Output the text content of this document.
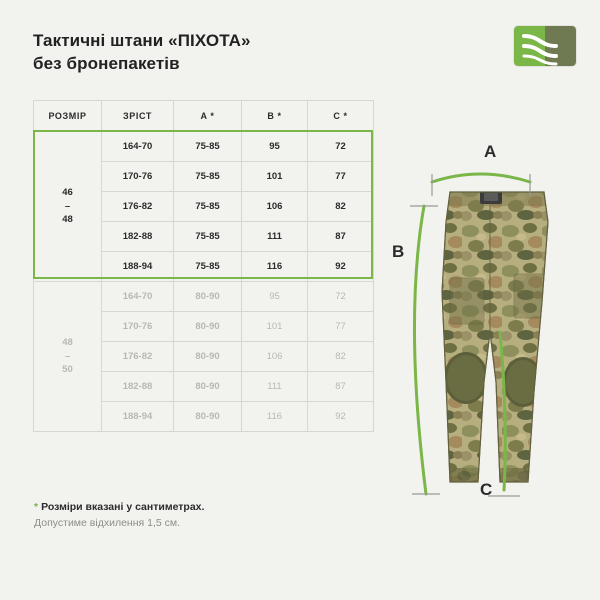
Тактичні штани «ПІХОТА»
без бронепакетів
РОЗМІР	ЗРІСТ	A *	B *	C *
46
–
48	164-70	75-85	95	72
	170-76	75-85	101	77
	176-82	75-85	106	82
	182-88	75-85	111	87
	188-94	75-85	116	92
48
–
50	164-70	80-90	95	72
	170-76	80-90	101	77
	176-82	80-90	106	82
	182-88	80-90	111	87
	188-94	80-90	116	92
* Розміри вказані у сантиметрах.
Допустиме відхилення 1,5 см.
A
B
C
